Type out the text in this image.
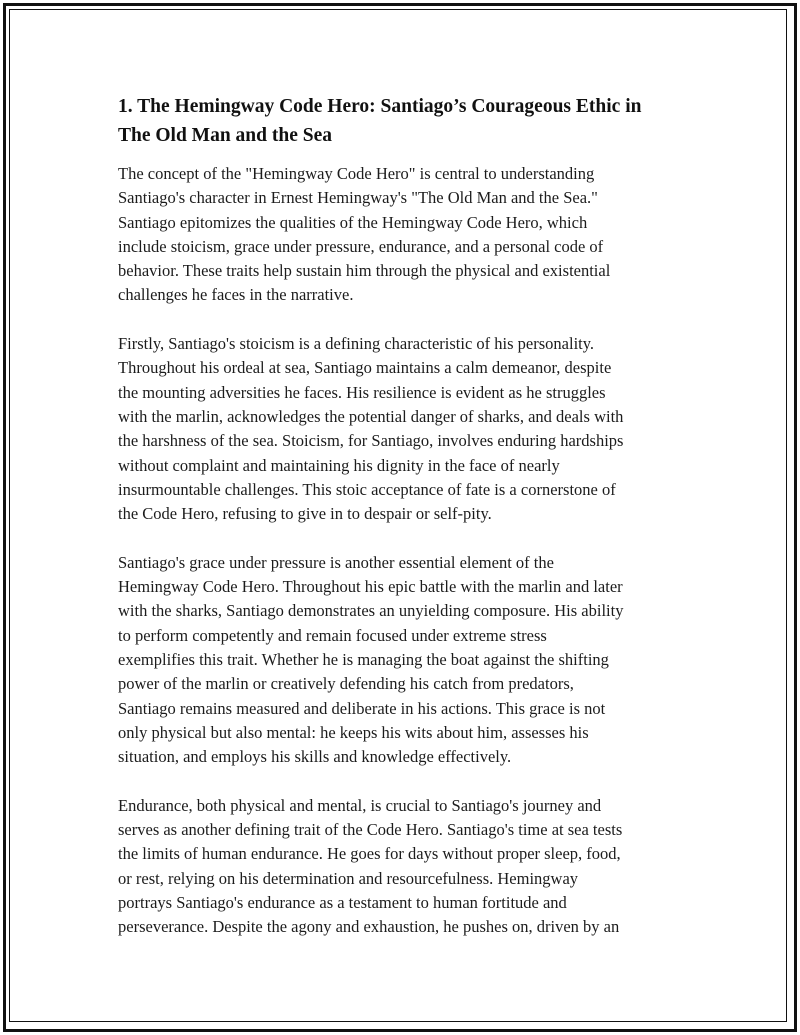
1. The Hemingway Code Hero: Santiago’s Courageous Ethic in
The Old Man and the Sea

The concept of the "Hemingway Code Hero" is central to understanding
Santiago's character in Ernest Hemingway's "The Old Man and the Sea."
Santiago epitomizes the qualities of the Hemingway Code Hero, which
include stoicism, grace under pressure, endurance, and a personal code of
behavior. These traits help sustain him through the physical and existential
challenges he faces in the narrative.

Firstly, Santiago's stoicism is a defining characteristic of his personality.
Throughout his ordeal at sea, Santiago maintains a calm demeanor, despite
the mounting adversities he faces. His resilience is evident as he struggles
with the marlin, acknowledges the potential danger of sharks, and deals with
the harshness of the sea. Stoicism, for Santiago, involves enduring hardships
without complaint and maintaining his dignity in the face of nearly
insurmountable challenges. This stoic acceptance of fate is a cornerstone of
the Code Hero, refusing to give in to despair or self-pity.

Santiago's grace under pressure is another essential element of the
Hemingway Code Hero. Throughout his epic battle with the marlin and later
with the sharks, Santiago demonstrates an unyielding composure. His ability
to perform competently and remain focused under extreme stress
exemplifies this trait. Whether he is managing the boat against the shifting
power of the marlin or creatively defending his catch from predators,
Santiago remains measured and deliberate in his actions. This grace is not
only physical but also mental: he keeps his wits about him, assesses his
situation, and employs his skills and knowledge effectively.

Endurance, both physical and mental, is crucial to Santiago's journey and
serves as another defining trait of the Code Hero. Santiago's time at sea tests
the limits of human endurance. He goes for days without proper sleep, food,
or rest, relying on his determination and resourcefulness. Hemingway
portrays Santiago's endurance as a testament to human fortitude and
perseverance. Despite the agony and exhaustion, he pushes on, driven by an
